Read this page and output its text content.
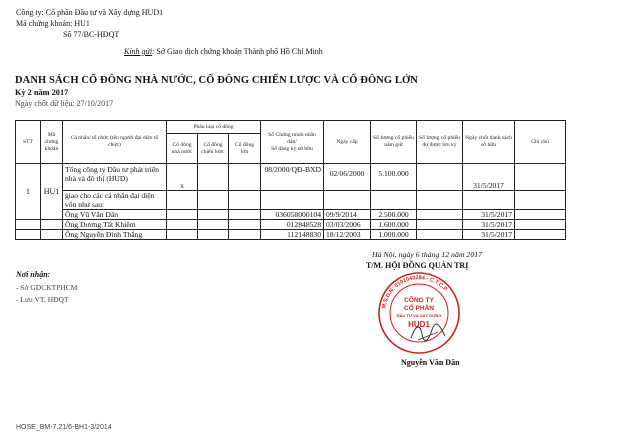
Công ty: Cổ phần Đầu tư và Xây dựng HUD1
Mã chứng khoán: HU1
Số 77/BC-HĐQT
Kính gửi: Sở Giao dịch chứng khoán Thành phố Hồ Chí Minh
DANH SÁCH CỔ ĐÔNG NHÀ NƯỚC, CỔ ĐÔNG CHIẾN LƯỢC VÀ CỔ ĐÔNG LỚN
Kỳ 2 năm 2017
Ngày chốt dữ liệu: 27/10/2017
STT	Mã chứng khoán	Cá nhân/ tổ chức (tên người đại diện tổ chức)	Phân loại cổ đông			Số Chứng minh nhân dân/
Số đăng ký sở hữu	Ngày cấp	Số lượng cổ phiếu nắm giữ	Số lượng cổ phiếu dự được lưu ký	Ngày chốt danh sách sở hữu	Ghi chú
			Cổ đông nhà nước	Cổ đông chiến lược	Cổ đông lớn						
1	HU1	Tổng công ty Đầu tư phát triển nhà và đô thị (HUD)	x			08/2000/QĐ-BXD	02/06/2000	5.100.000		31/5/2017	
		giao cho các cá nhân đại diện vốn như sau:									
		Ông Vũ Văn Dân				036058000104	09/9/2014	2.500.000		31/5/2017	
		Ông Dương Tất Khiêm				012848528	03/03/2006	1.600.000		31/5/2017	
		Ông Nguyễn Đình Thắng				112148830	18/12/2003	1.000.000		31/5/2017	
Hà Nội, ngày 6 tháng 12 năm 2017
T/M. HỘI ĐỒNG QUẢN TRỊ
M.S.D.N: 0101043284 - C.T.C.P
CÔNG TY
CỔ PHẦN
ĐẦU TƯ VÀ XÂY DỰNG
HUD1
Nguyễn Văn Dân
Nơi nhận:
- Sở GDCKTPHCM
- Lưu VT, HĐQT
HOSE_BM-7.21/6-BH1-3/2014
